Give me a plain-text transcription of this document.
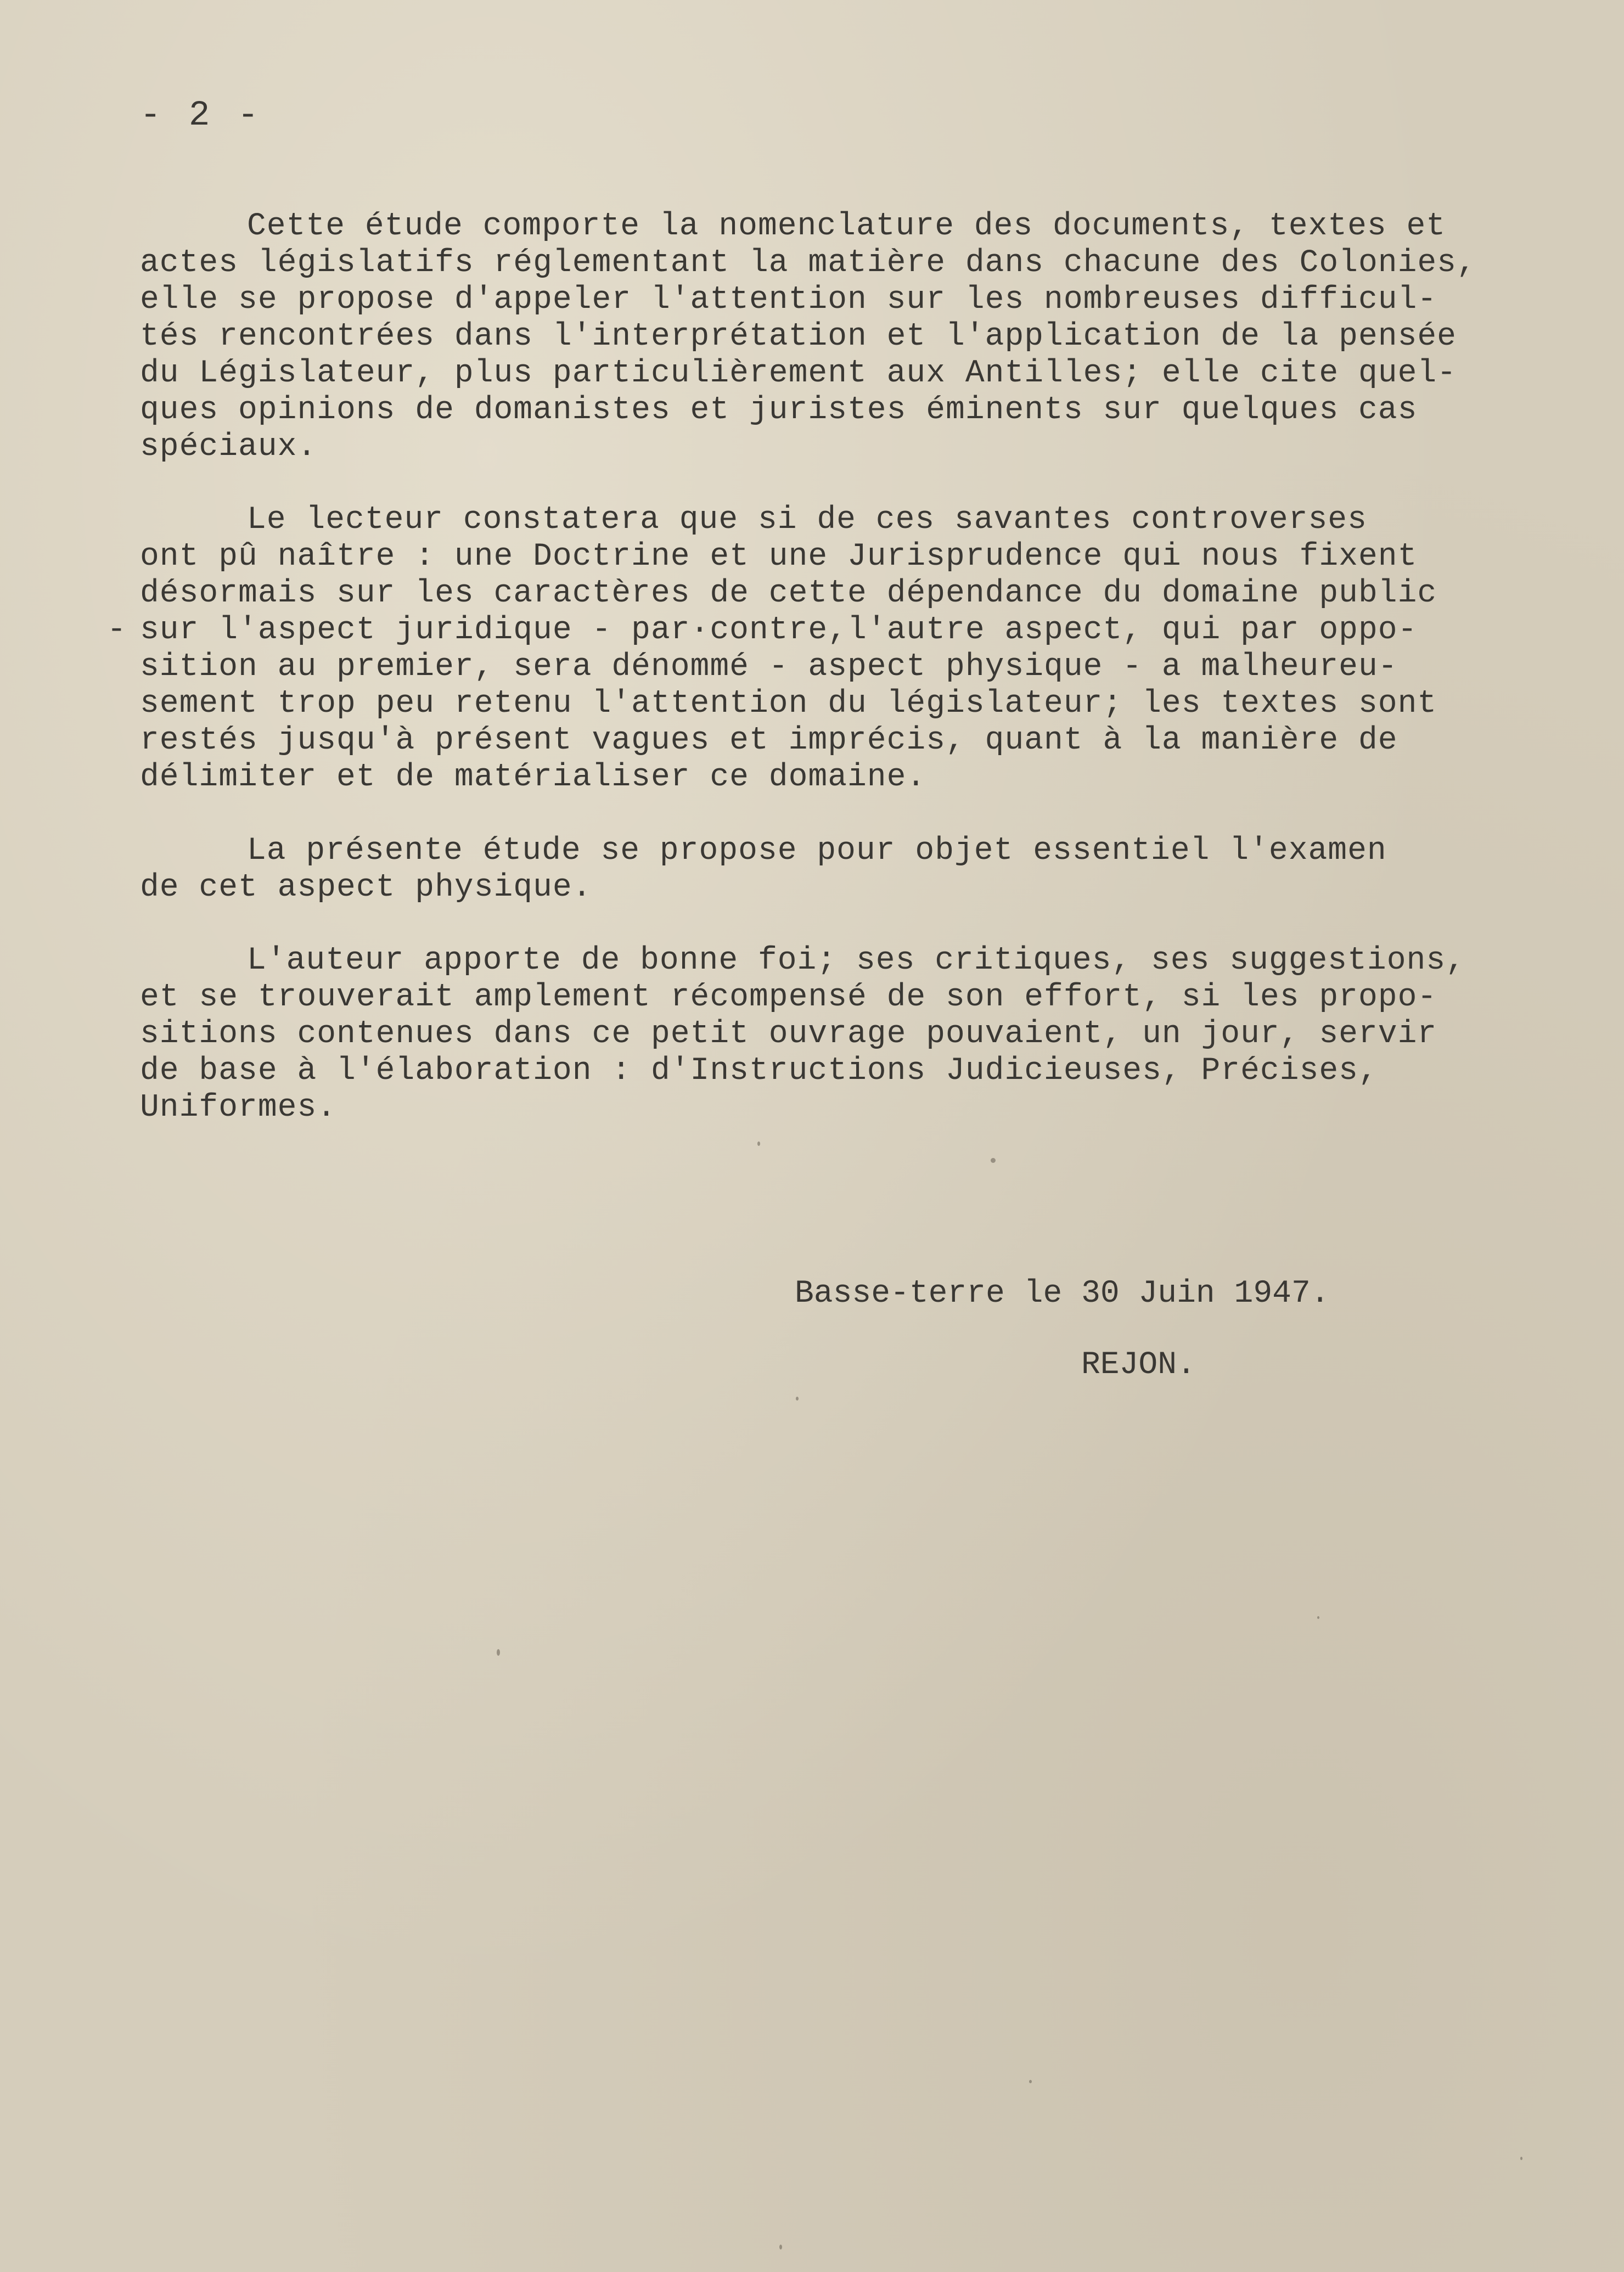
- 2 -
Cette étude comporte la nomenclature des documents, textes et
actes législatifs réglementant la matière dans chacune des Colonies,
elle se propose d'appeler l'attention sur les nombreuses difficul-
tés rencontrées dans l'interprétation et l'application de la pensée
du Législateur, plus particulièrement aux Antilles; elle cite quel-
ques opinions de domanistes et juristes éminents sur quelques cas
spéciaux.
Le lecteur constatera que si de ces savantes controverses
ont pû naître : une Doctrine et une Jurisprudence qui nous fixent
désormais sur les caractères de cette dépendance du domaine public
- sur l'aspect juridique - par·contre,l'autre aspect, qui par oppo-
sition au premier, sera dénommé - aspect physique - a malheureu-
sement trop peu retenu l'attention du législateur; les textes sont
restés jusqu'à présent vagues et imprécis, quant à la manière de
délimiter et de matérialiser ce domaine.
La présente étude se propose pour objet essentiel l'examen
de cet aspect physique.
L'auteur apporte de bonne foi; ses critiques, ses suggestions,
et se trouverait amplement récompensé de son effort, si les propo-
sitions contenues dans ce petit ouvrage pouvaient, un jour, servir
de base à l'élaboration : d'Instructions Judicieuses, Précises,
Uniformes.
Basse-terre le 30 Juin 1947.
REJON.
